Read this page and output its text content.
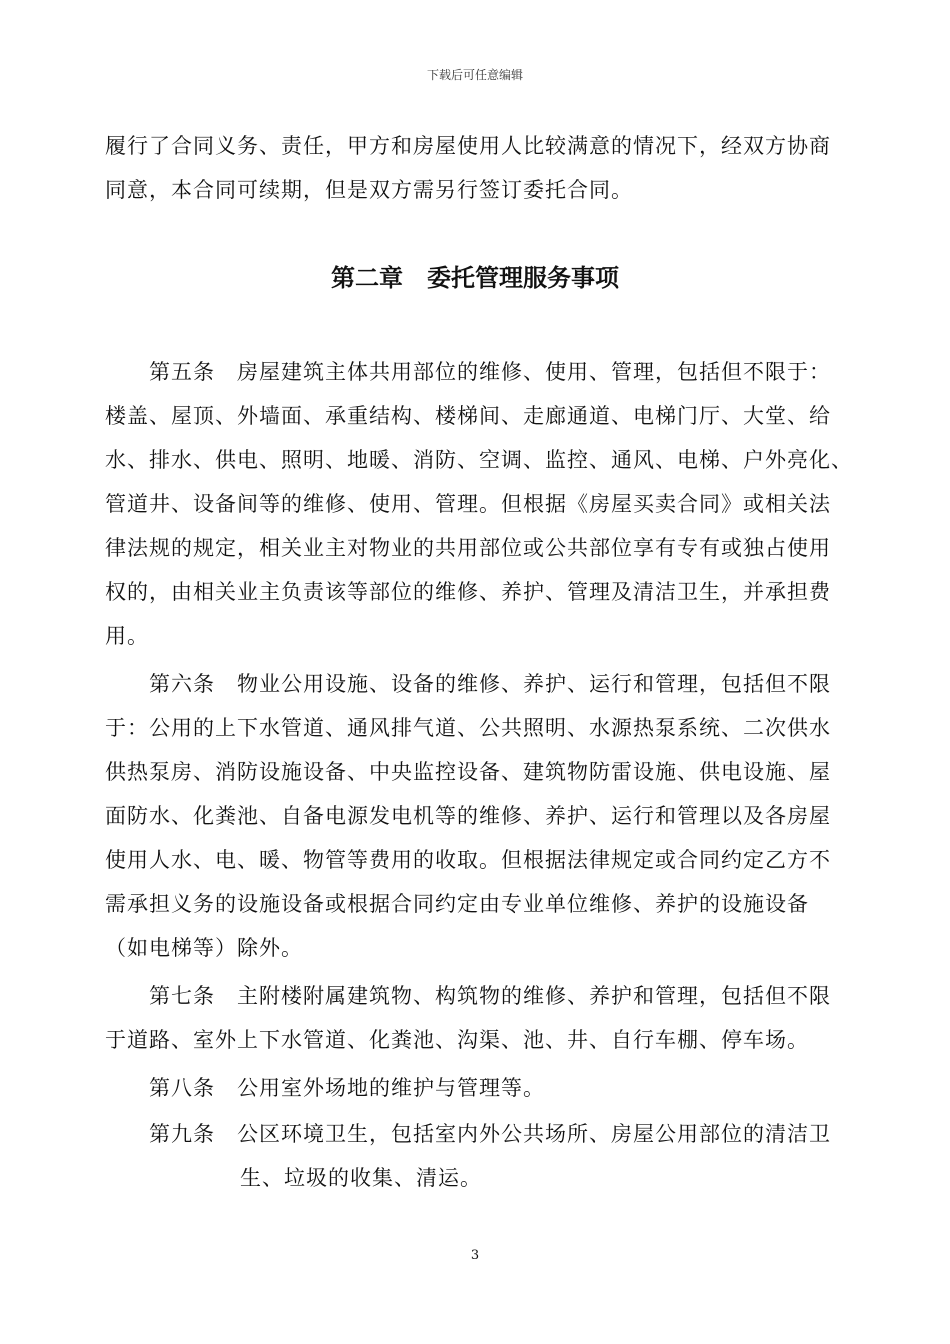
下载后可任意编辑

履行了合同义务、责任，甲方和房屋使用人比较满意的情况下，经双方协商

同意，本合同可续期，但是双方需另行签订委托合同。

第二章　委托管理服务事项

第五条　房屋建筑主体共用部位的维修、使用、管理，包括但不限于：

楼盖、屋顶、外墙面、承重结构、楼梯间、走廊通道、电梯门厅、大堂、给

水、排水、供电、照明、地暖、消防、空调、监控、通风、电梯、户外亮化、

管道井、设备间等的维修、使用、管理。但根据《房屋买卖合同》或相关法

律法规的规定，相关业主对物业的共用部位或公共部位享有专有或独占使用

权的，由相关业主负责该等部位的维修、养护、管理及清洁卫生，并承担费

用。

第六条　物业公用设施、设备的维修、养护、运行和管理，包括但不限

于：公用的上下水管道、通风排气道、公共照明、水源热泵系统、二次供水

供热泵房、消防设施设备、中央监控设备、建筑物防雷设施、供电设施、屋

面防水、化粪池、自备电源发电机等的维修、养护、运行和管理以及各房屋

使用人水、电、暖、物管等费用的收取。但根据法律规定或合同约定乙方不

需承担义务的设施设备或根据合同约定由专业单位维修、养护的设施设备

（如电梯等）除外。

第七条　主附楼附属建筑物、构筑物的维修、养护和管理，包括但不限

于道路、室外上下水管道、化粪池、沟渠、池、井、自行车棚、停车场。

第八条　公用室外场地的维护与管理等。

第九条　公区环境卫生，包括室内外公共场所、房屋公用部位的清洁卫

生、垃圾的收集、清运。

3
